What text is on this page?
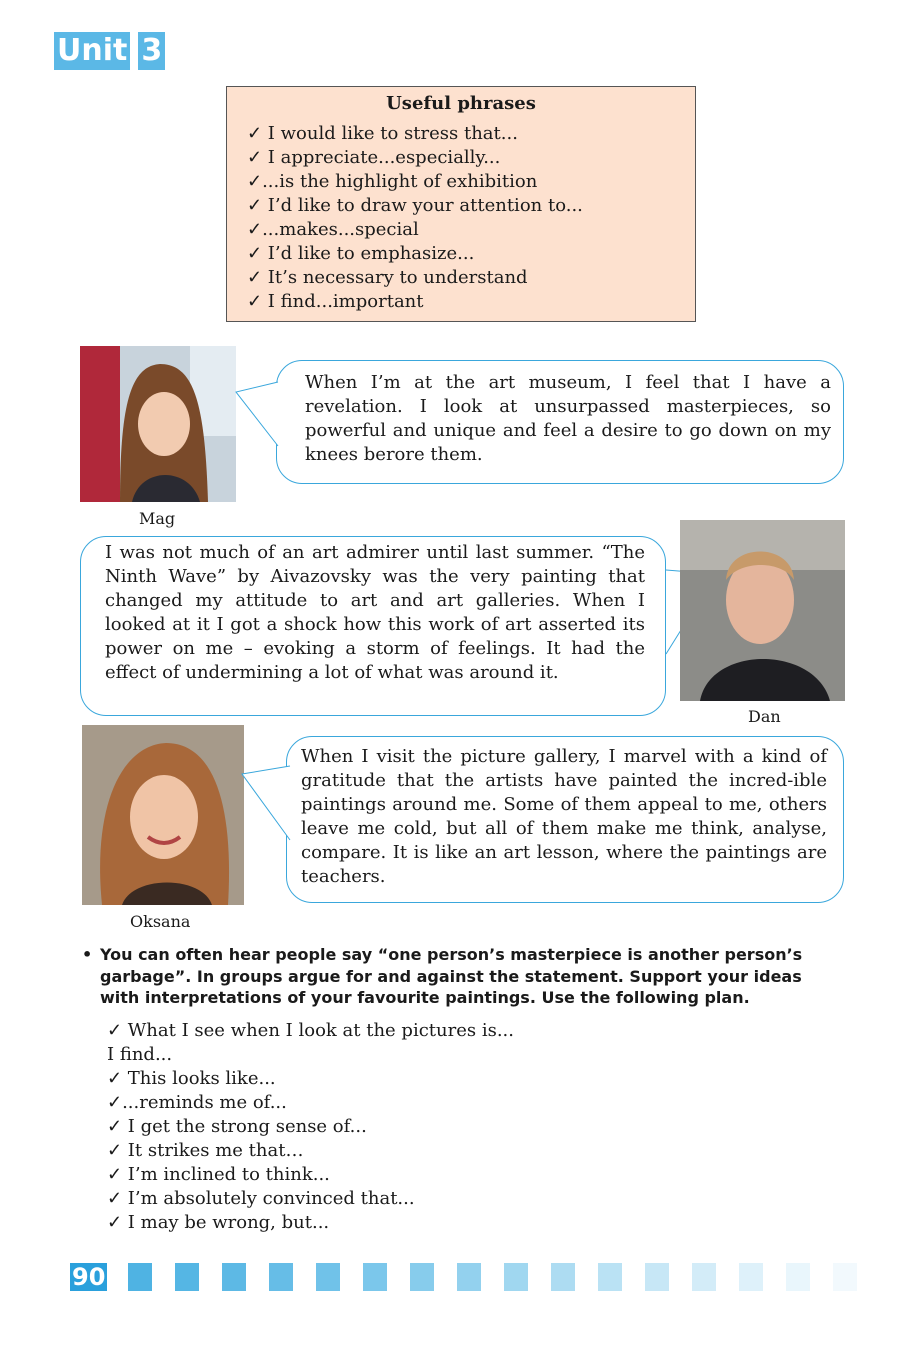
Unit 3
Useful phrases
✓ I would like to stress that...
✓ I appreciate...especially...
✓...is the highlight of exhibition
✓ I’d like to draw your attention to...
✓...makes...special
✓ I’d like to emphasize...
✓ It’s necessary to understand
✓ I find...important
Mag
When I’m at the art museum, I feel that I have a revelation. I look at unsurpassed masterpieces, so powerful and unique and feel a desire to go down on my knees berore them.
I was not much of an art admirer until last summer. “The Ninth Wave” by Aivazovsky was the very painting that changed my attitude to art and art galleries. When I looked at it I got a shock how this work of art asserted its power on me – evoking a storm of feelings. It had the effect of undermining a lot of what was around it.
Dan
Oksana
When I visit the picture gallery, I marvel with a kind of gratitude that the artists have painted the incred-ible paintings around me. Some of them appeal to me, others leave me cold, but all of them make me think, analyse, compare. It is like an art lesson, where the paintings are teachers.
• You can often hear people say “one person’s masterpiece is another person’s garbage”. In groups argue for and against the statement. Support your ideas with interpretations of your favourite paintings. Use the following plan.
✓ What I see when I look at the pictures is...
I find...
✓ This looks like...
✓...reminds me of...
✓ I get the strong sense of...
✓ It strikes me that…
✓ I’m inclined to think...
✓ I’m absolutely convinced that...
✓ I may be wrong, but...
90
